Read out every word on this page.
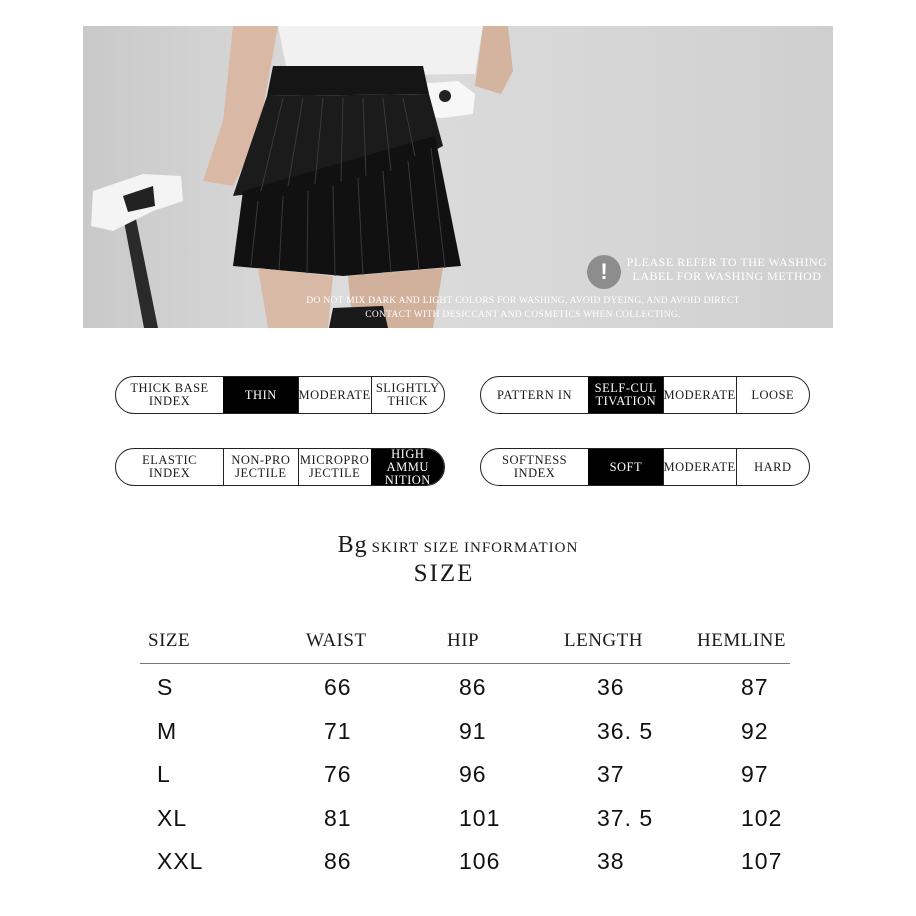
!	PLEASE REFER TO THE WASHING
LABEL FOR WASHING METHOD
DO NOT MIX DARK AND LIGHT COLORS FOR WASHING, AVOID DYEING, AND AVOID DIRECT
CONTACT WITH DESICCANT AND COSMETICS WHEN COLLECTING.
THICK BASE
INDEX	THIN MODERATE SLIGHTLY
THICK	PATTERN IN SELF-CUL
TIVATION MODERATE LOOSE
ELASTIC
INDEX
NON-PRO
JECTILE
MICROPRO
JECTILE
HIGH AMMU
NITION
SOFTNESS
INDEX	SOFT MODERATE HARD
Bg SKIRT SIZE INFORMATION
SIZE
SIZE	WAIST	HIP	LENGTH	HEMLINE
S	66	86	36	87
M	71	91	36. 5	92
L	76	96	37	97
XL	81	101	37. 5	102
XXL	86	106	38	107
